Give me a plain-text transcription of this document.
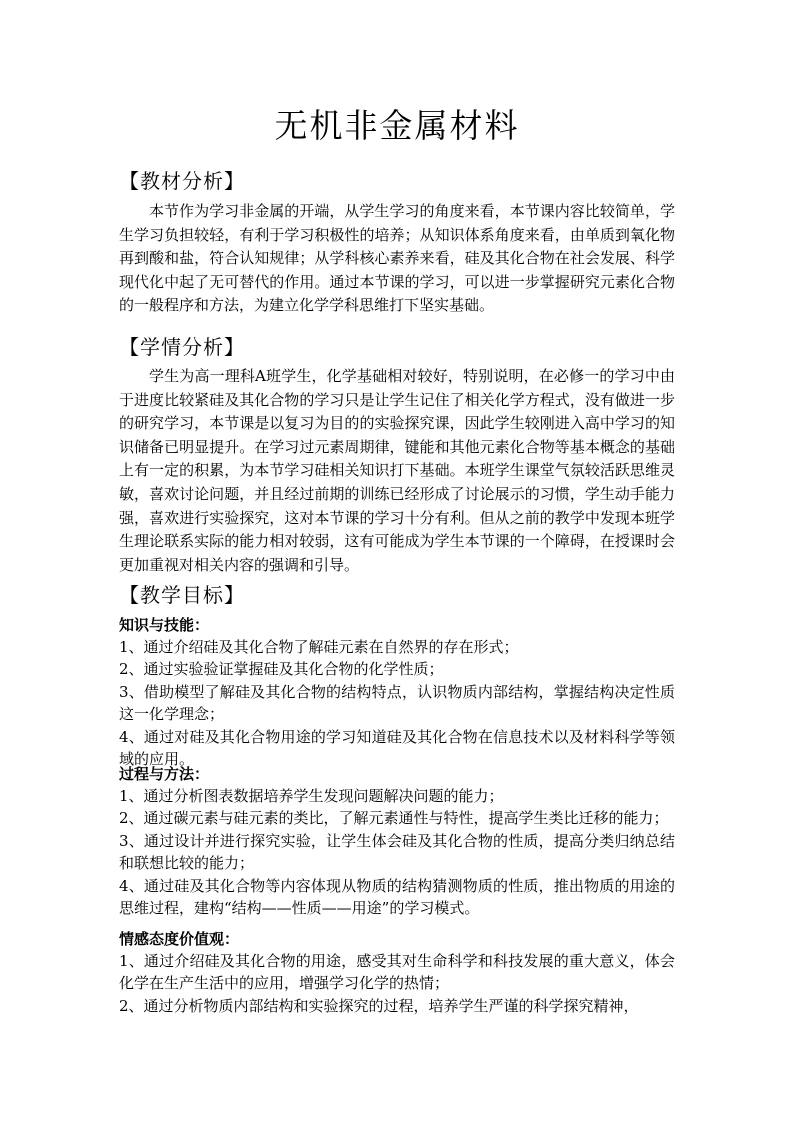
无机非金属材料
【教材分析】

本节作为学习非金属的开端，从学生学习的角度来看，本节课内容比较简单，学生学习负担较轻，有利于学习积极性的培养；从知识体系角度来看，由单质到氧化物再到酸和盐，符合认知规律；从学科核心素养来看，硅及其化合物在社会发展、科学现代化中起了无可替代的作用。通过本节课的学习，可以进一步掌握研究元素化合物的一般程序和方法，为建立化学学科思维打下坚实基础。

【学情分析】

学生为高一理科A班学生，化学基础相对较好，特别说明，在必修一的学习中由于进度比较紧硅及其化合物的学习只是让学生记住了相关化学方程式，没有做进一步的研究学习，本节课是以复习为目的的实验探究课，因此学生较刚进入高中学习的知识储备已明显提升。在学习过元素周期律，键能和其他元素化合物等基本概念的基础上有一定的积累，为本节学习硅相关知识打下基础。本班学生课堂气氛较活跃思维灵敏，喜欢讨论问题，并且经过前期的训练已经形成了讨论展示的习惯，学生动手能力强，喜欢进行实验探究，这对本节课的学习十分有利。但从之前的教学中发现本班学生理论联系实际的能力相对较弱，这有可能成为学生本节课的一个障碍，在授课时会更加重视对相关内容的强调和引导。

【教学目标】
知识与技能：
1、通过介绍硅及其化合物了解硅元素在自然界的存在形式；
2、通过实验验证掌握硅及其化合物的化学性质；
3、借助模型了解硅及其化合物的结构特点，认识物质内部结构，掌握结构决定性质这一化学理念；
4、通过对硅及其化合物用途的学习知道硅及其化合物在信息技术以及材料科学等领域的应用。
过程与方法：
1、通过分析图表数据培养学生发现问题解决问题的能力；
2、通过碳元素与硅元素的类比，了解元素通性与特性，提高学生类比迁移的能力；
3、通过设计并进行探究实验，让学生体会硅及其化合物的性质，提高分类归纳总结和联想比较的能力；
4、通过硅及其化合物等内容体现从物质的结构猜测物质的性质，推出物质的用途的思维过程，建构“结构——性质——用途”的学习模式。
情感态度价值观：
1、通过介绍硅及其化合物的用途，感受其对生命科学和科技发展的重大意义，体会化学在生产生活中的应用，增强学习化学的热情；
2、通过分析物质内部结构和实验探究的过程，培养学生严谨的科学探究精神，
